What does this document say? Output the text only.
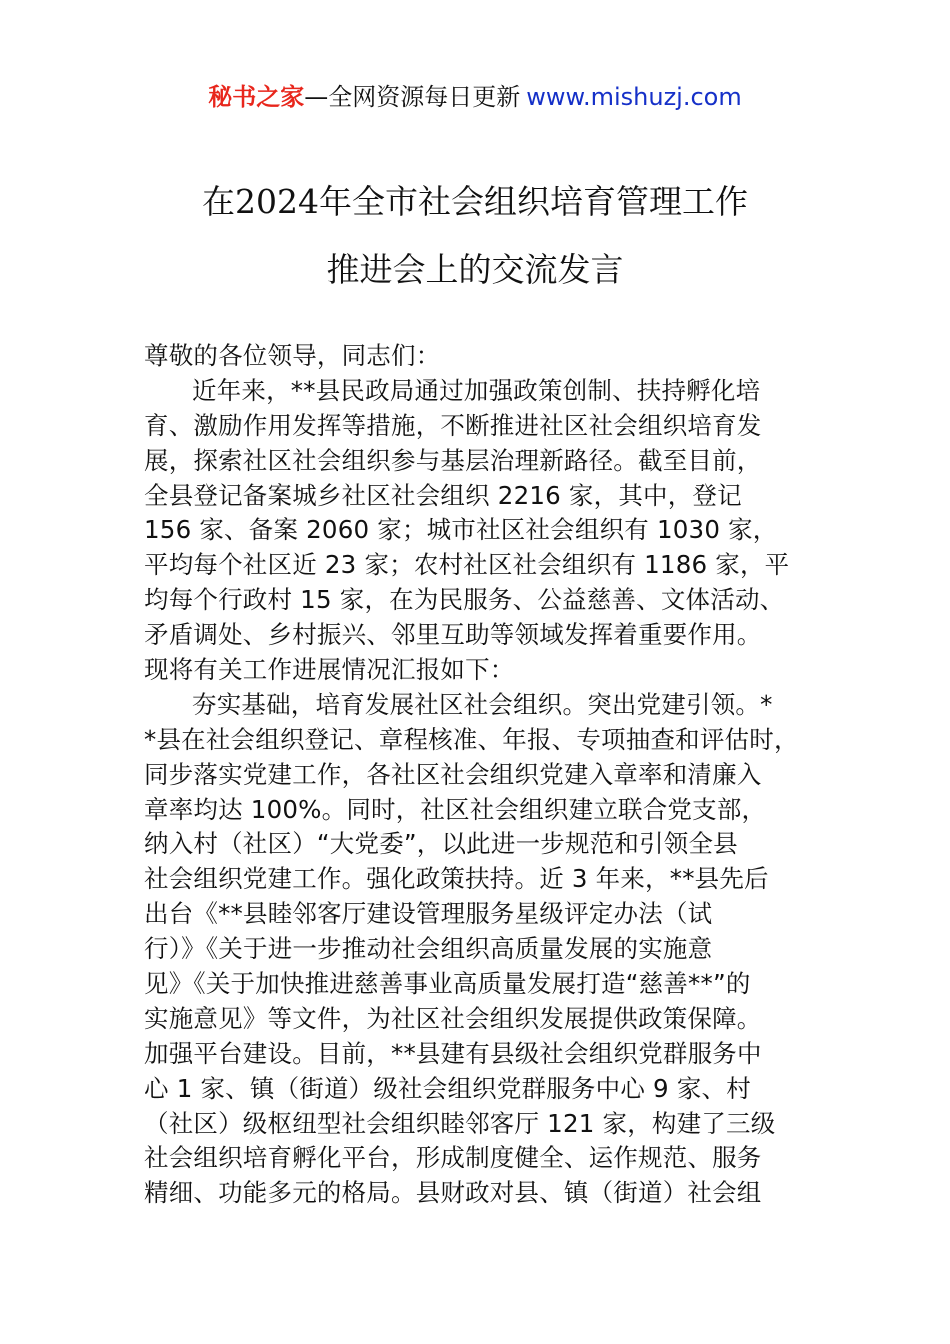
秘书之家—全网资源每日更新 www.mishuzj.com
在2024年全市社会组织培育管理工作
推进会上的交流发言
尊敬的各位领导，同志们：
近年来，**县民政局通过加强政策创制、扶持孵化培
育、激励作用发挥等措施，不断推进社区社会组织培育发
展，探索社区社会组织参与基层治理新路径。截至目前，
全县登记备案城乡社区社会组织 2216 家，其中，登记
156 家、备案 2060 家；城市社区社会组织有 1030 家，
平均每个社区近 23 家；农村社区社会组织有 1186 家，平
均每个行政村 15 家，在为民服务、公益慈善、文体活动、
矛盾调处、乡村振兴、邻里互助等领域发挥着重要作用。
现将有关工作进展情况汇报如下：
夯实基础，培育发展社区社会组织。突出党建引领。*
*县在社会组织登记、章程核准、年报、专项抽查和评估时，
同步落实党建工作，各社区社会组织党建入章率和清廉入
章率均达 100%。同时，社区社会组织建立联合党支部，
纳入村（社区）“大党委”，以此进一步规范和引领全县
社会组织党建工作。强化政策扶持。近 3 年来，**县先后
出台《**县睦邻客厅建设管理服务星级评定办法（试
行）》《关于进一步推动社会组织高质量发展的实施意
见》《关于加快推进慈善事业高质量发展打造“慈善**”的
实施意见》等文件，为社区社会组织发展提供政策保障。
加强平台建设。目前，**县建有县级社会组织党群服务中
心 1 家、镇（街道）级社会组织党群服务中心 9 家、村
（社区）级枢纽型社会组织睦邻客厅 121 家，构建了三级
社会组织培育孵化平台，形成制度健全、运作规范、服务
精细、功能多元的格局。县财政对县、镇（街道）社会组
